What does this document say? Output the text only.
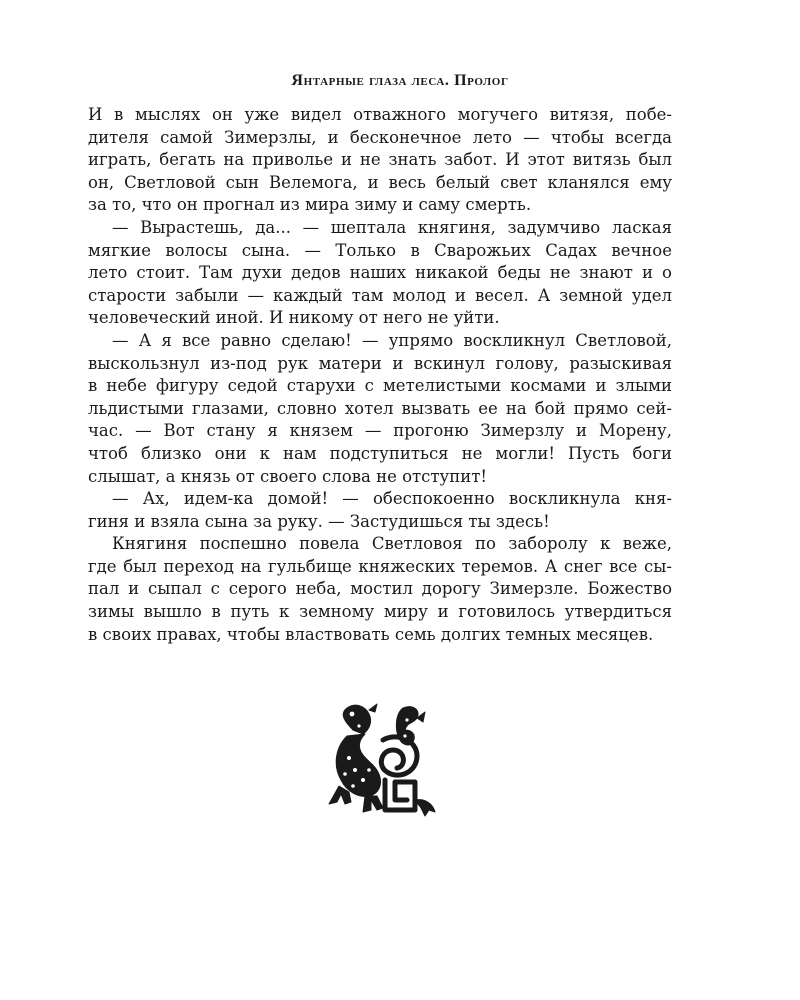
Янтарные глаза леса. Пролог
И в мыслях он уже видел отважного могучего витязя, побе-
дителя самой Зимерзлы, и бесконечное лето — чтобы всегда
играть, бегать на приволье и не знать забот. И этот витязь был
он, Светловой сын Велемога, и весь белый свет кланялся ему
за то, что он прогнал из мира зиму и саму смерть.
— Вырастешь, да... — шептала княгиня, задумчиво лаская
мягкие волосы сына. — Только в Сварожьих Садах вечное
лето стоит. Там духи дедов наших никакой беды не знают и о
старости забыли — каждый там молод и весел. А земной удел
человеческий иной. И никому от него не уйти.
— А я все равно сделаю! — упрямо воскликнул Светловой,
выскользнул из-под рук матери и вскинул голову, разыскивая
в небе фигуру седой старухи с метелистыми космами и злыми
льдистыми глазами, словно хотел вызвать ее на бой прямо сей-
час. — Вот стану я князем — прогоню Зимерзлу и Морену,
чтоб близко они к нам подступиться не могли! Пусть боги
слышат, а князь от своего слова не отступит!
— Ах, идем-ка домой! — обеспокоенно воскликнула кня-
гиня и взяла сына за руку. — Застудишься ты здесь!
Княгиня поспешно повела Светловоя по заборолу к веже,
где был переход на гульбище княжеских теремов. А снег все сы-
пал и сыпал с серого неба, мостил дорогу Зимерзле. Божество
зимы вышло в путь к земному миру и готовилось утвердиться
в своих правах, чтобы властвовать семь долгих темных месяцев.
